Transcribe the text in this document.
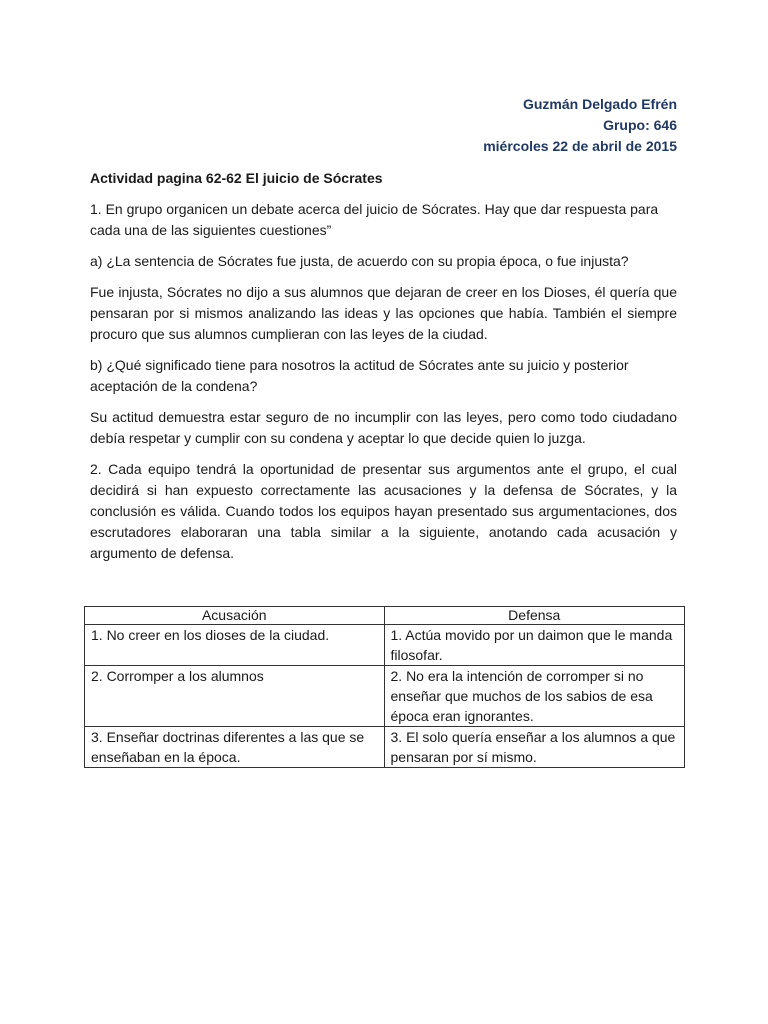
Guzmán Delgado Efrén
Grupo: 646
miércoles 22 de abril de 2015
Actividad pagina 62-62 El juicio de Sócrates
1. En grupo organicen un debate acerca del juicio de Sócrates. Hay que dar respuesta para cada una de las siguientes cuestiones”
a) ¿La sentencia de Sócrates fue justa, de acuerdo con su propia época, o fue injusta?
Fue injusta, Sócrates no dijo a sus alumnos que dejaran de creer en los Dioses, él quería que pensaran por si mismos analizando las ideas y las opciones que había. También el siempre procuro que sus alumnos cumplieran con las leyes de la ciudad.
b) ¿Qué significado tiene para nosotros la actitud de Sócrates ante su juicio y posterior aceptación de la condena?
Su actitud demuestra estar seguro de no incumplir con las leyes, pero como todo ciudadano debía respetar y cumplir con su condena y aceptar lo que decide quien lo juzga.
2. Cada equipo tendrá la oportunidad de presentar sus argumentos ante el grupo, el cual decidirá si han expuesto correctamente las acusaciones y la defensa de Sócrates, y la conclusión es válida. Cuando todos los equipos hayan presentado sus argumentaciones, dos escrutadores elaboraran una tabla similar a la siguiente, anotando cada acusación y argumento de defensa.
Acusación	Defensa
1. No creer en los dioses de la ciudad.	1. Actúa movido por un daimon que le manda filosofar.
2. Corromper a los alumnos	2. No era la intención de corromper si no enseñar que muchos de los sabios de esa época eran ignorantes.
3. Enseñar doctrinas diferentes a las que se enseñaban en la época.	3. El solo quería enseñar a los alumnos a que pensaran por sí mismo.
